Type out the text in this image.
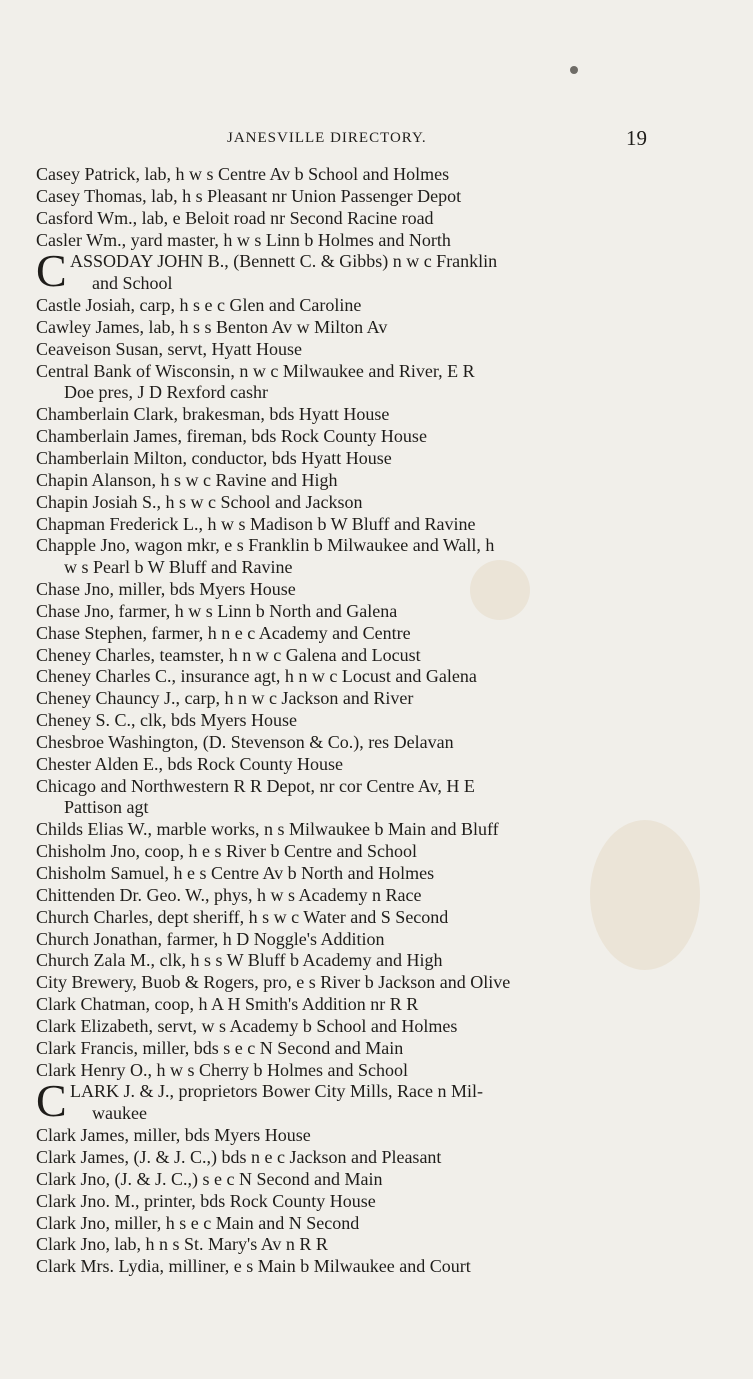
JANESVILLE DIRECTORY.	19
Casey Patrick, lab, h w s Centre Av b School and Holmes
Casey Thomas, lab, h s Pleasant nr Union Passenger Depot
Casford Wm., lab, e Beloit road nr Second Racine road
Casler Wm., yard master, h w s Linn b Holmes and North
C ASSODAY JOHN B., (Bennett C. & Gibbs) n w c Franklin
and School
Castle Josiah, carp, h s e c Glen and Caroline
Cawley James, lab, h s s Benton Av w Milton Av
Ceaveison Susan, servt, Hyatt House
Central Bank of Wisconsin, n w c Milwaukee and River, E R
Doe pres, J D Rexford cashr
Chamberlain Clark, brakesman, bds Hyatt House
Chamberlain James, fireman, bds Rock County House
Chamberlain Milton, conductor, bds Hyatt House
Chapin Alanson, h s w c Ravine and High
Chapin Josiah S., h s w c School and Jackson
Chapman Frederick L., h w s Madison b W Bluff and Ravine
Chapple Jno, wagon mkr, e s Franklin b Milwaukee and Wall, h
w s Pearl b W Bluff and Ravine
Chase Jno, miller, bds Myers House
Chase Jno, farmer, h w s Linn b North and Galena
Chase Stephen, farmer, h n e c Academy and Centre
Cheney Charles, teamster, h n w c Galena and Locust
Cheney Charles C., insurance agt, h n w c Locust and Galena
Cheney Chauncy J., carp, h n w c Jackson and River
Cheney S. C., clk, bds Myers House
Chesbroe Washington, (D. Stevenson & Co.), res Delavan
Chester Alden E., bds Rock County House
Chicago and Northwestern R R Depot, nr cor Centre Av, H E
Pattison agt
Childs Elias W., marble works, n s Milwaukee b Main and Bluff
Chisholm Jno, coop, h e s River b Centre and School
Chisholm Samuel, h e s Centre Av b North and Holmes
Chittenden Dr. Geo. W., phys, h w s Academy n Race
Church Charles, dept sheriff, h s w c Water and S Second
Church Jonathan, farmer, h D Noggle's Addition
Church Zala M., clk, h s s W Bluff b Academy and High
City Brewery, Buob & Rogers, pro, e s River b Jackson and Olive
Clark Chatman, coop, h A H Smith's Addition nr R R
Clark Elizabeth, servt, w s Academy b School and Holmes
Clark Francis, miller, bds s e c N Second and Main
Clark Henry O., h w s Cherry b Holmes and School
C LARK J. & J., proprietors Bower City Mills, Race n Mil-
waukee
Clark James, miller, bds Myers House
Clark James, (J. & J. C.,) bds n e c Jackson and Pleasant
Clark Jno, (J. & J. C.,) s e c N Second and Main
Clark Jno. M., printer, bds Rock County House
Clark Jno, miller, h s e c Main and N Second
Clark Jno, lab, h n s St. Mary's Av n R R
Clark Mrs. Lydia, milliner, e s Main b Milwaukee and Court
